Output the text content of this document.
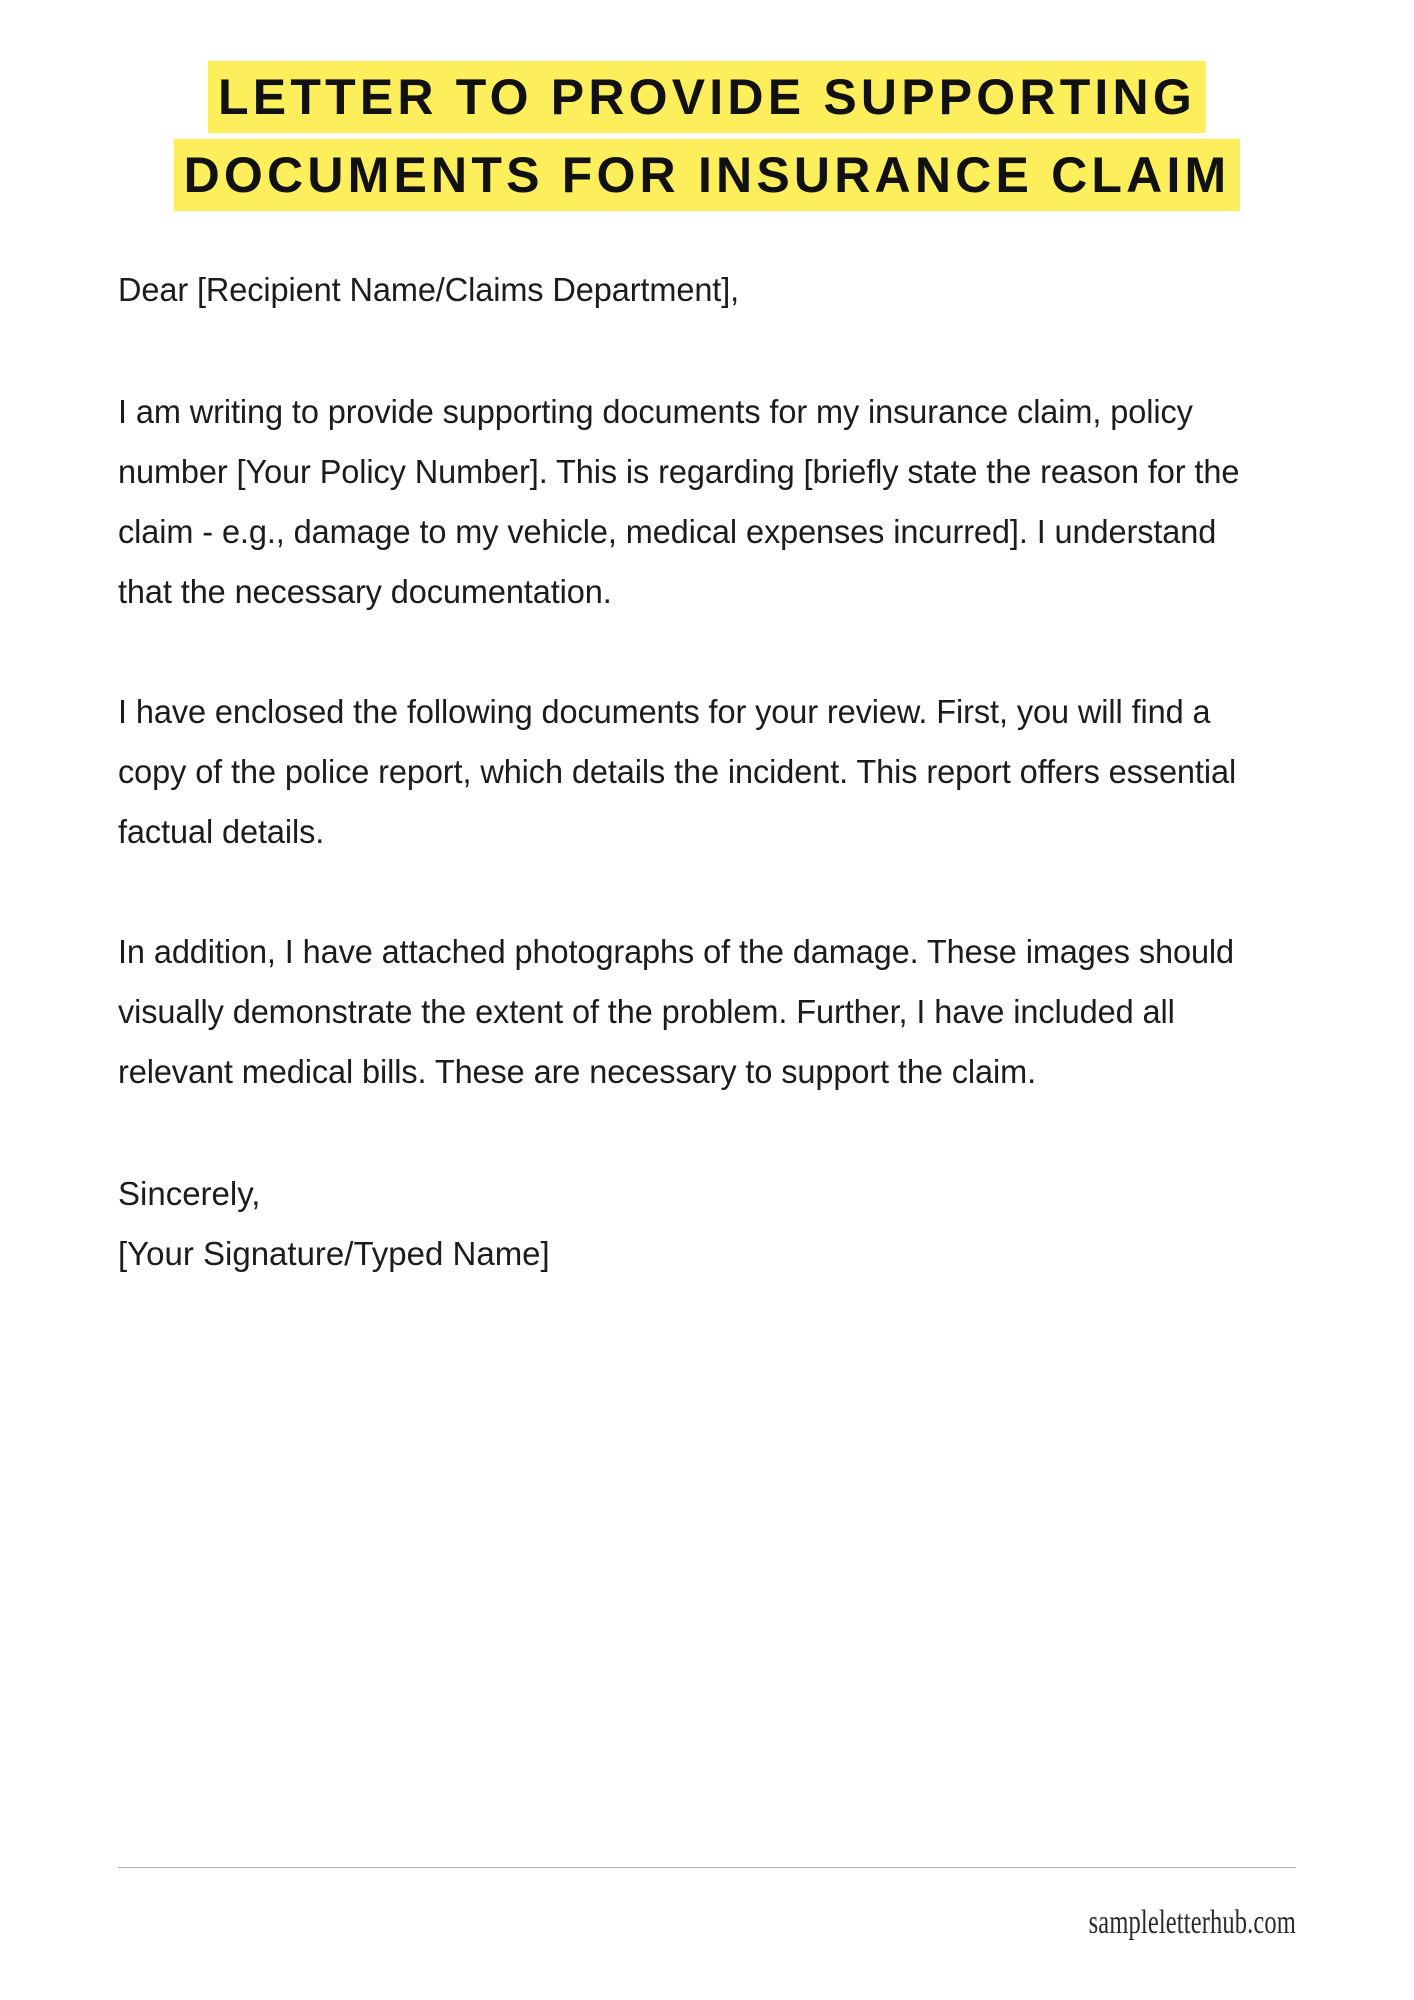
LETTER TO PROVIDE SUPPORTING
DOCUMENTS FOR INSURANCE CLAIM

Dear [Recipient Name/Claims Department],

I am writing to provide supporting documents for my insurance claim, policy number [Your Policy Number]. This is regarding [briefly state the reason for the claim - e.g., damage to my vehicle, medical expenses incurred]. I understand that the necessary documentation.

I have enclosed the following documents for your review. First, you will find a copy of the police report, which details the incident. This report offers essential factual details.

In addition, I have attached photographs of the damage. These images should visually demonstrate the extent of the problem. Further, I have included all relevant medical bills. These are necessary to support the claim.

Sincerely,

[Your Signature/Typed Name]

sampleletterhub.com
